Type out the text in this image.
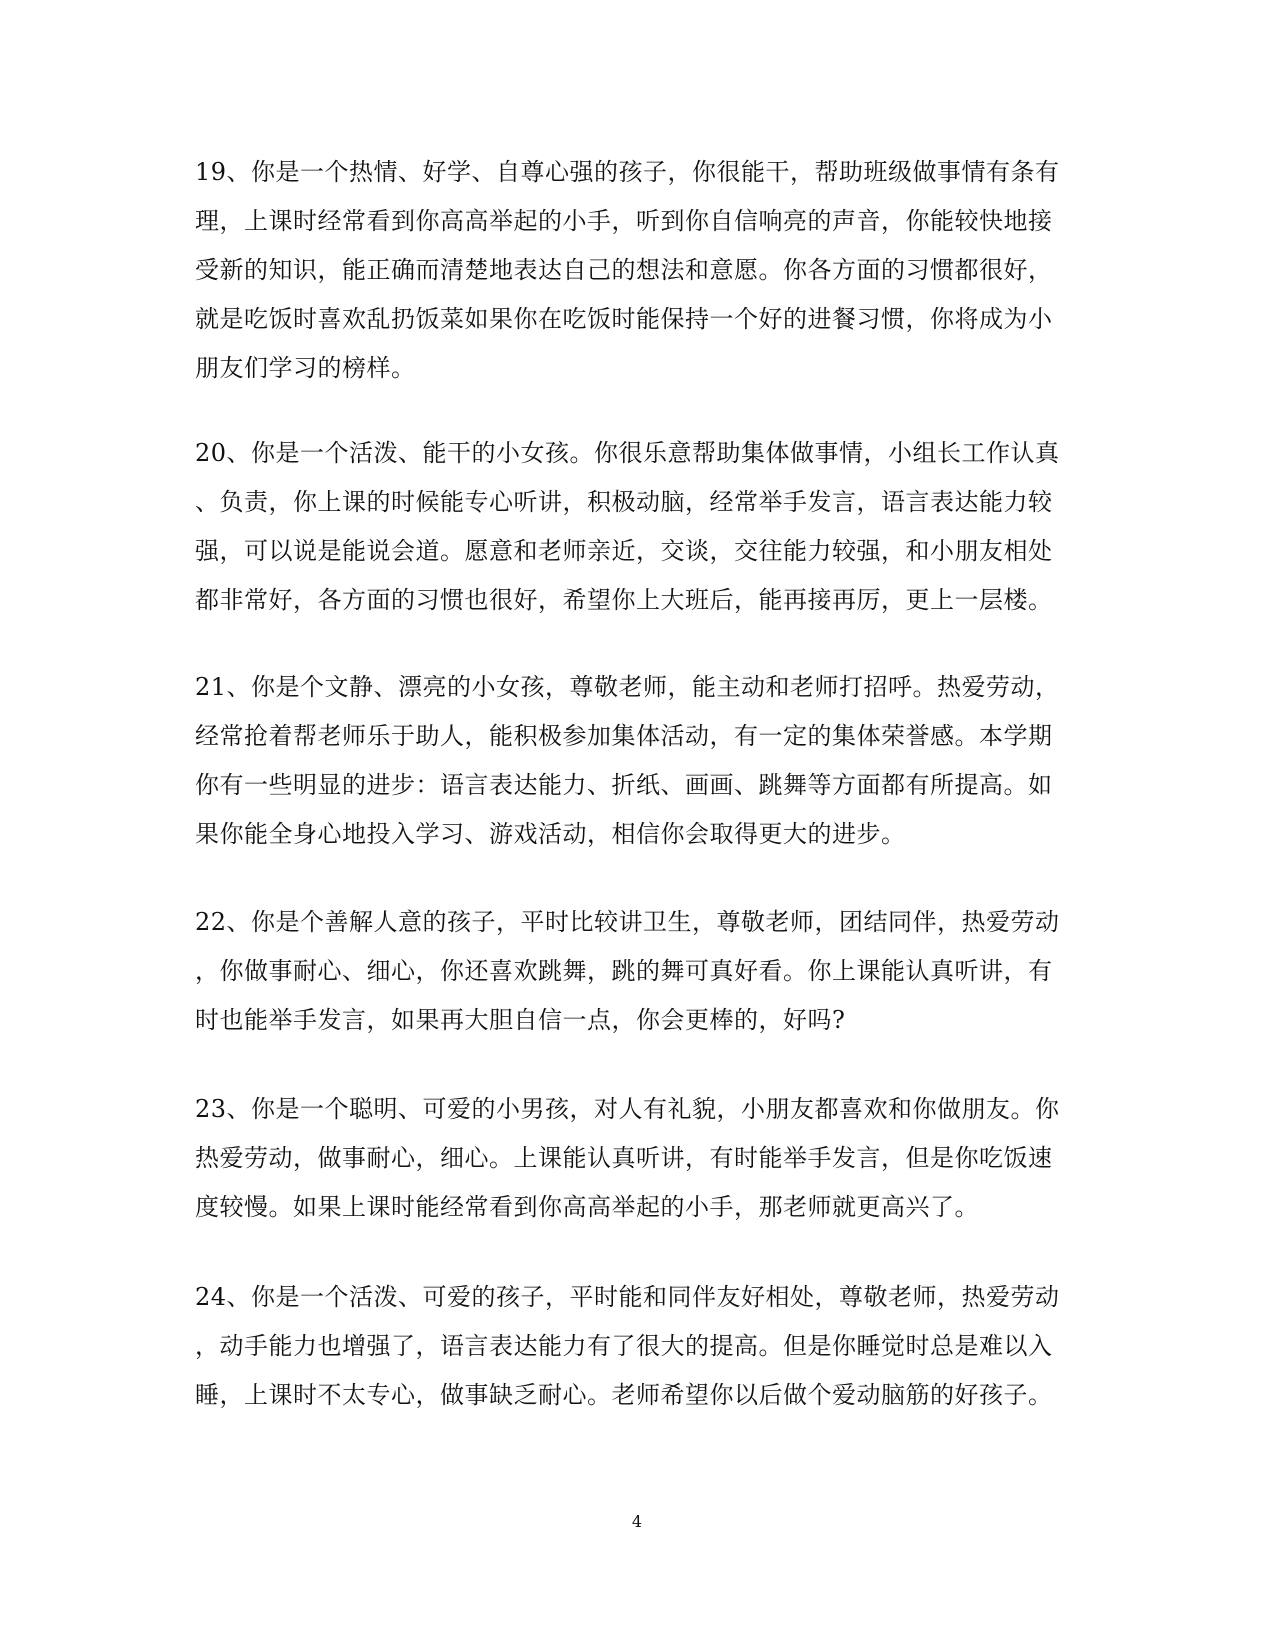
19、你是一个热情、好学、自尊心强的孩子，你很能干，帮助班级做事情有条有
理，上课时经常看到你高高举起的小手，听到你自信响亮的声音，你能较快地接
受新的知识，能正确而清楚地表达自己的想法和意愿。你各方面的习惯都很好，
就是吃饭时喜欢乱扔饭菜如果你在吃饭时能保持一个好的进餐习惯，你将成为小
朋友们学习的榜样。
20、你是一个活泼、能干的小女孩。你很乐意帮助集体做事情，小组长工作认真
、负责，你上课的时候能专心听讲，积极动脑，经常举手发言，语言表达能力较
强，可以说是能说会道。愿意和老师亲近，交谈，交往能力较强，和小朋友相处
都非常好，各方面的习惯也很好，希望你上大班后，能再接再厉，更上一层楼。
21、你是个文静、漂亮的小女孩，尊敬老师，能主动和老师打招呼。热爱劳动，
经常抢着帮老师乐于助人，能积极参加集体活动，有一定的集体荣誉感。本学期
你有一些明显的进步：语言表达能力、折纸、画画、跳舞等方面都有所提高。如
果你能全身心地投入学习、游戏活动，相信你会取得更大的进步。
22、你是个善解人意的孩子，平时比较讲卫生，尊敬老师，团结同伴，热爱劳动
，你做事耐心、细心，你还喜欢跳舞，跳的舞可真好看。你上课能认真听讲，有
时也能举手发言，如果再大胆自信一点，你会更棒的，好吗?
23、你是一个聪明、可爱的小男孩，对人有礼貌，小朋友都喜欢和你做朋友。你
热爱劳动，做事耐心，细心。上课能认真听讲，有时能举手发言，但是你吃饭速
度较慢。如果上课时能经常看到你高高举起的小手，那老师就更高兴了。
24、你是一个活泼、可爱的孩子，平时能和同伴友好相处，尊敬老师，热爱劳动
，动手能力也增强了，语言表达能力有了很大的提高。但是你睡觉时总是难以入
睡，上课时不太专心，做事缺乏耐心。老师希望你以后做个爱动脑筋的好孩子。
4
